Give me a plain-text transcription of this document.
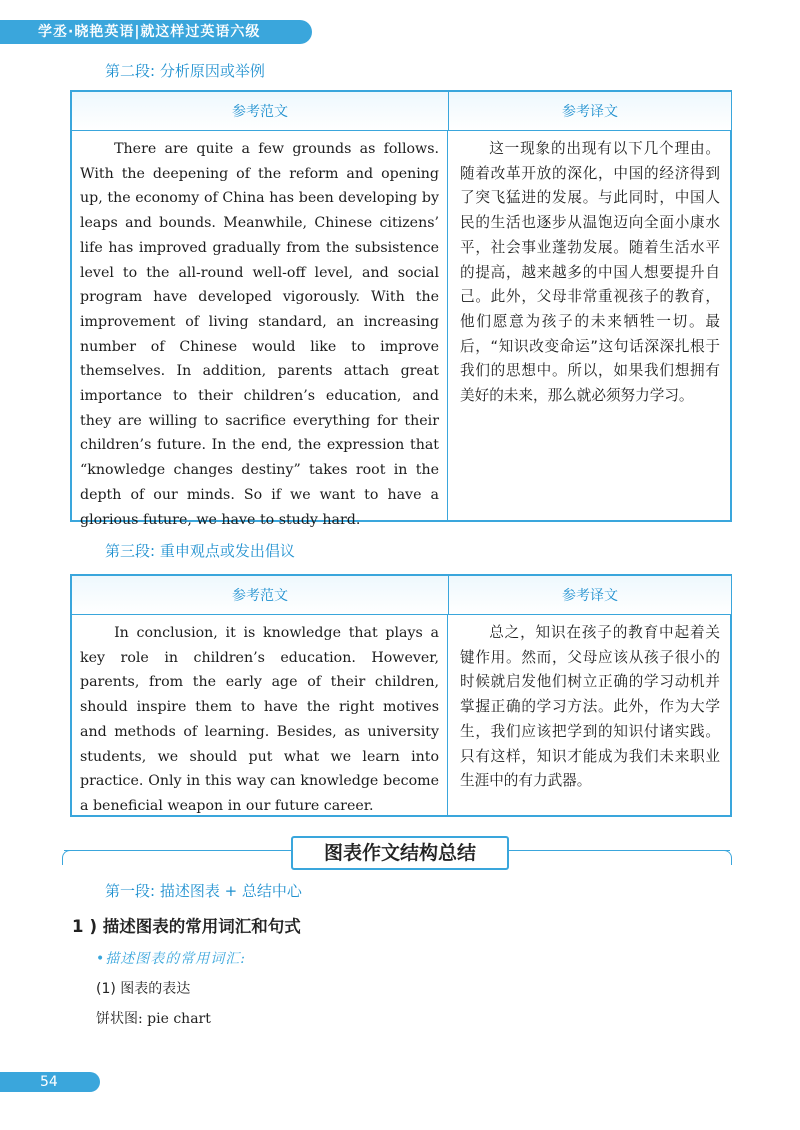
学丞·晓艳英语|就这样过英语六级
第二段: 分析原因或举例
参考范文	参考译文

There are quite a few grounds as follows. With the deepening of the reform and opening up, the economy of China has been developing by leaps and bounds. Meanwhile, Chinese citizens’ life has improved gradually from the subsistence level to the all-round well-off level, and social program have developed vigorously. With the improvement of living standard, an increasing number of Chinese would like to improve themselves. In addition, parents attach great importance to their children’s education, and they are willing to sacrifice everything for their children’s future. In the end, the expression that “knowledge changes destiny” takes root in the depth of our minds. So if we want to have a glorious future, we have to study hard.

这一现象的出现有以下几个理由。随着改革开放的深化，中国的经济得到了突飞猛进的发展。与此同时，中国人民的生活也逐步从温饱迈向全面小康水平，社会事业蓬勃发展。随着生活水平的提高，越来越多的中国人想要提升自己。此外，父母非常重视孩子的教育，他们愿意为孩子的未来牺牲一切。最后，“知识改变命运”这句话深深扎根于我们的思想中。所以，如果我们想拥有美好的未来，那么就必须努力学习。

第三段: 重申观点或发出倡议
参考范文	参考译文

In conclusion, it is knowledge that plays a key role in children’s education. However, parents, from the early age of their children, should inspire them to have the right motives and methods of learning. Besides, as university students, we should put what we learn into practice. Only in this way can knowledge become a beneficial weapon in our future career.

总之，知识在孩子的教育中起着关键作用。然而，父母应该从孩子很小的时候就启发他们树立正确的学习动机并掌握正确的学习方法。此外，作为大学生，我们应该把学到的知识付诸实践。只有这样，知识才能成为我们未来职业生涯中的有力武器。

图表作文结构总结
第一段: 描述图表 + 总结中心
1 ) 描述图表的常用词汇和句式
•描述图表的常用词汇:
(1) 图表的表达
饼状图: pie chart
54
